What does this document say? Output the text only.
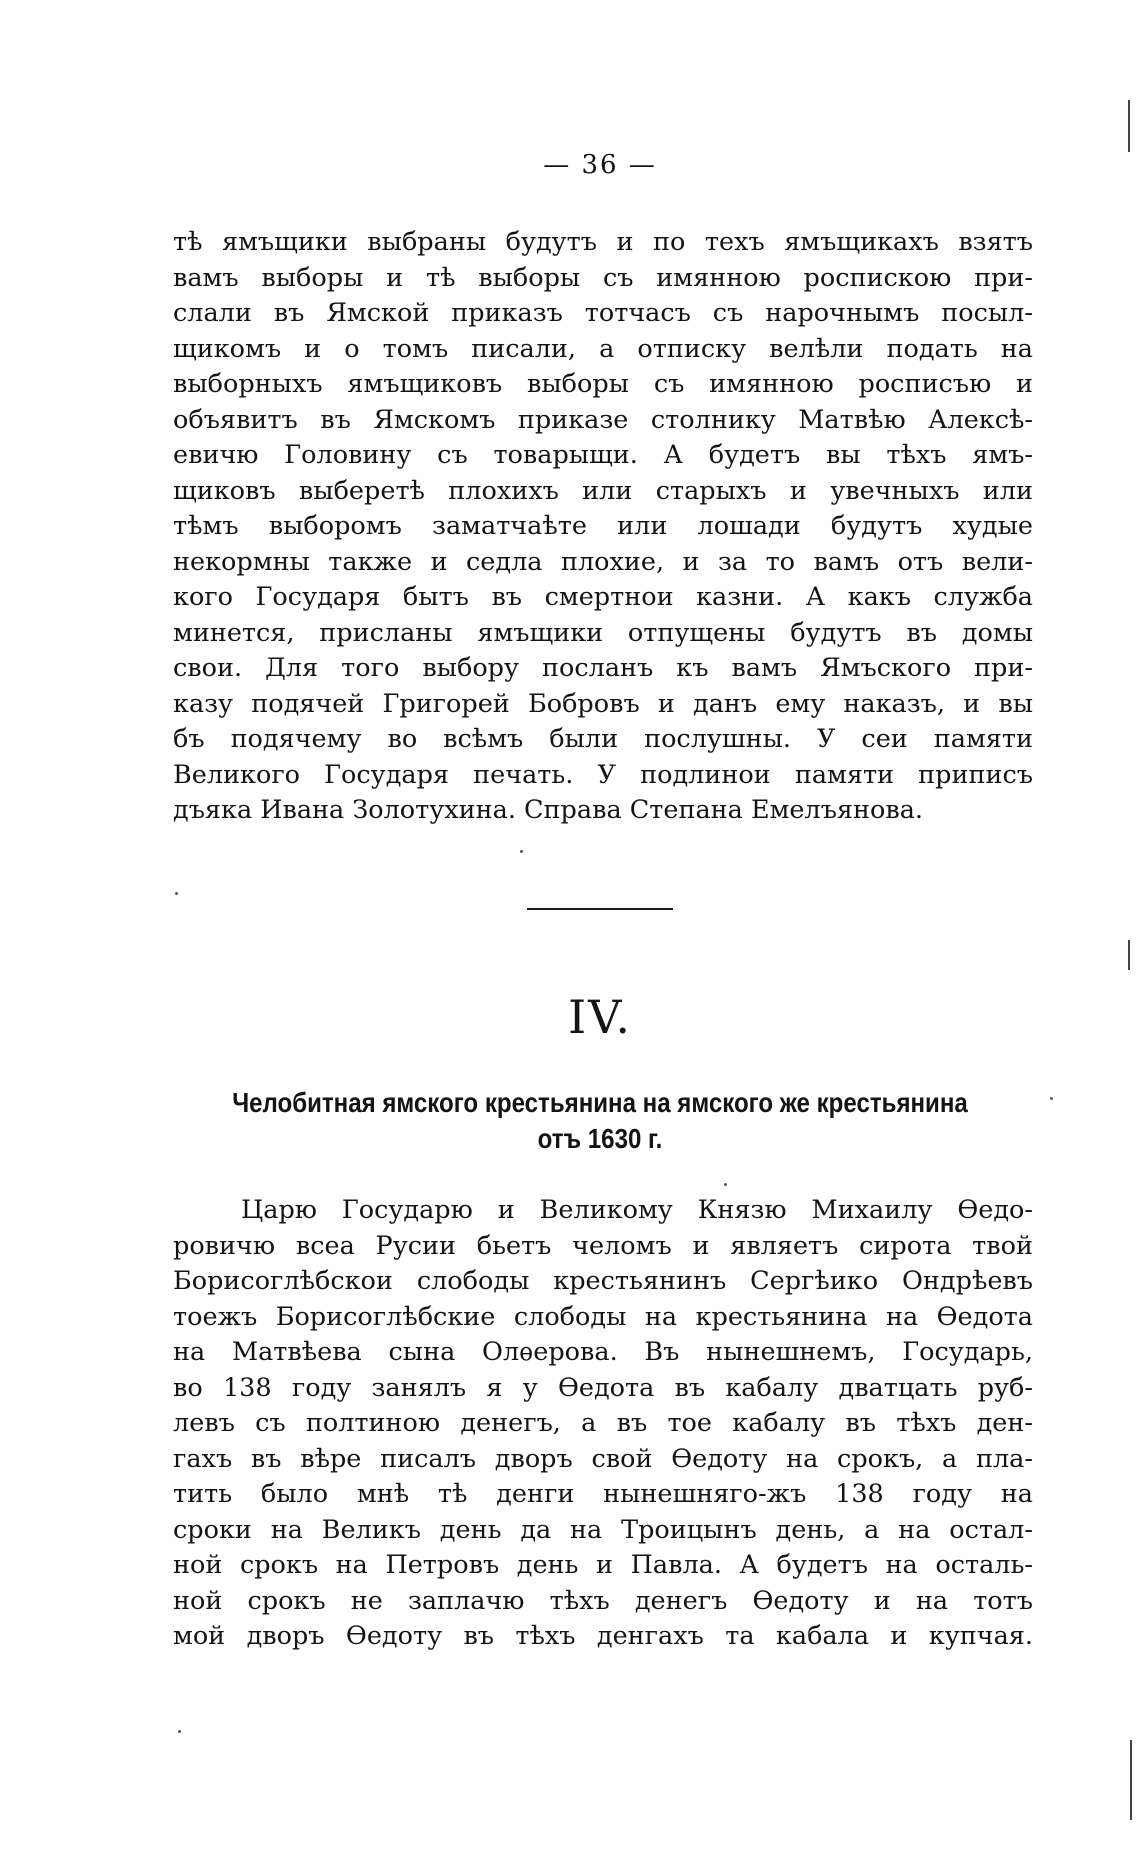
— 36 —
тѣ ямъщики выбраны будутъ и по техъ ямъщикахъ взятъ
вамъ выборы и тѣ выборы съ имянною роспискою при-
слали въ Ямской приказъ тотчасъ съ нарочнымъ посыл-
щикомъ и о томъ писали, а отписку велѣли подать на
выборныхъ ямъщиковъ выборы съ имянною росписъю и
объявитъ въ Ямскомъ приказе столнику Матвѣю Алексѣ-
евичю Головину съ товарыщи. А будетъ вы тѣхъ ямъ-
щиковъ выберетѣ плохихъ или старыхъ и увечныхъ или
тѣмъ выборомъ заматчаѣте или лошади будутъ худые
некормны также и седла плохие, и за то вамъ отъ вели-
кого Государя бытъ въ смертнои казни. А какъ служба
минется, присланы ямъщики отпущены будутъ въ домы
свои. Для того выбору посланъ къ вамъ Ямъского при-
казу подячей Григорей Бобровъ и данъ ему наказъ, и вы
бъ подячему во всѣмъ были послушны. У сеи памяти
Великого Государя печать. У подлинои памяти приписъ
дъяка Ивана Золотухина. Справа Степана Емелъянова.
IV.
Челобитная ямского крестьянина на ямского же крестьянина
отъ 1630 г.
Царю Государю и Великому Князю Михаилу Ѳедо-
ровичю всеа Русии бьетъ челомъ и являетъ сирота твой
Борисоглѣбскои слободы крестьянинъ Сергѣико Ондрѣевъ
тоежъ Борисоглѣбские слободы на крестьянина на Ѳедота
на Матвѣева сына Олѳерова. Въ нынешнемъ, Государь,
во 138 году занялъ я у Ѳедота въ кабалу дватцать руб-
левъ съ полтиною денегъ, а въ тое кабалу въ тѣхъ ден-
гахъ въ вѣре писалъ дворъ свой Ѳедоту на срокъ, а пла-
тить было мнѣ тѣ денги нынешняго-жъ 138 году на
сроки на Великъ день да на Троицынъ день, а на остал-
ной срокъ на Петровъ день и Павла. А будетъ на осталь-
ной срокъ не заплачю тѣхъ денегъ Ѳедоту и на тотъ
мой дворъ Ѳедоту въ тѣхъ денгахъ та кабала и купчая.
